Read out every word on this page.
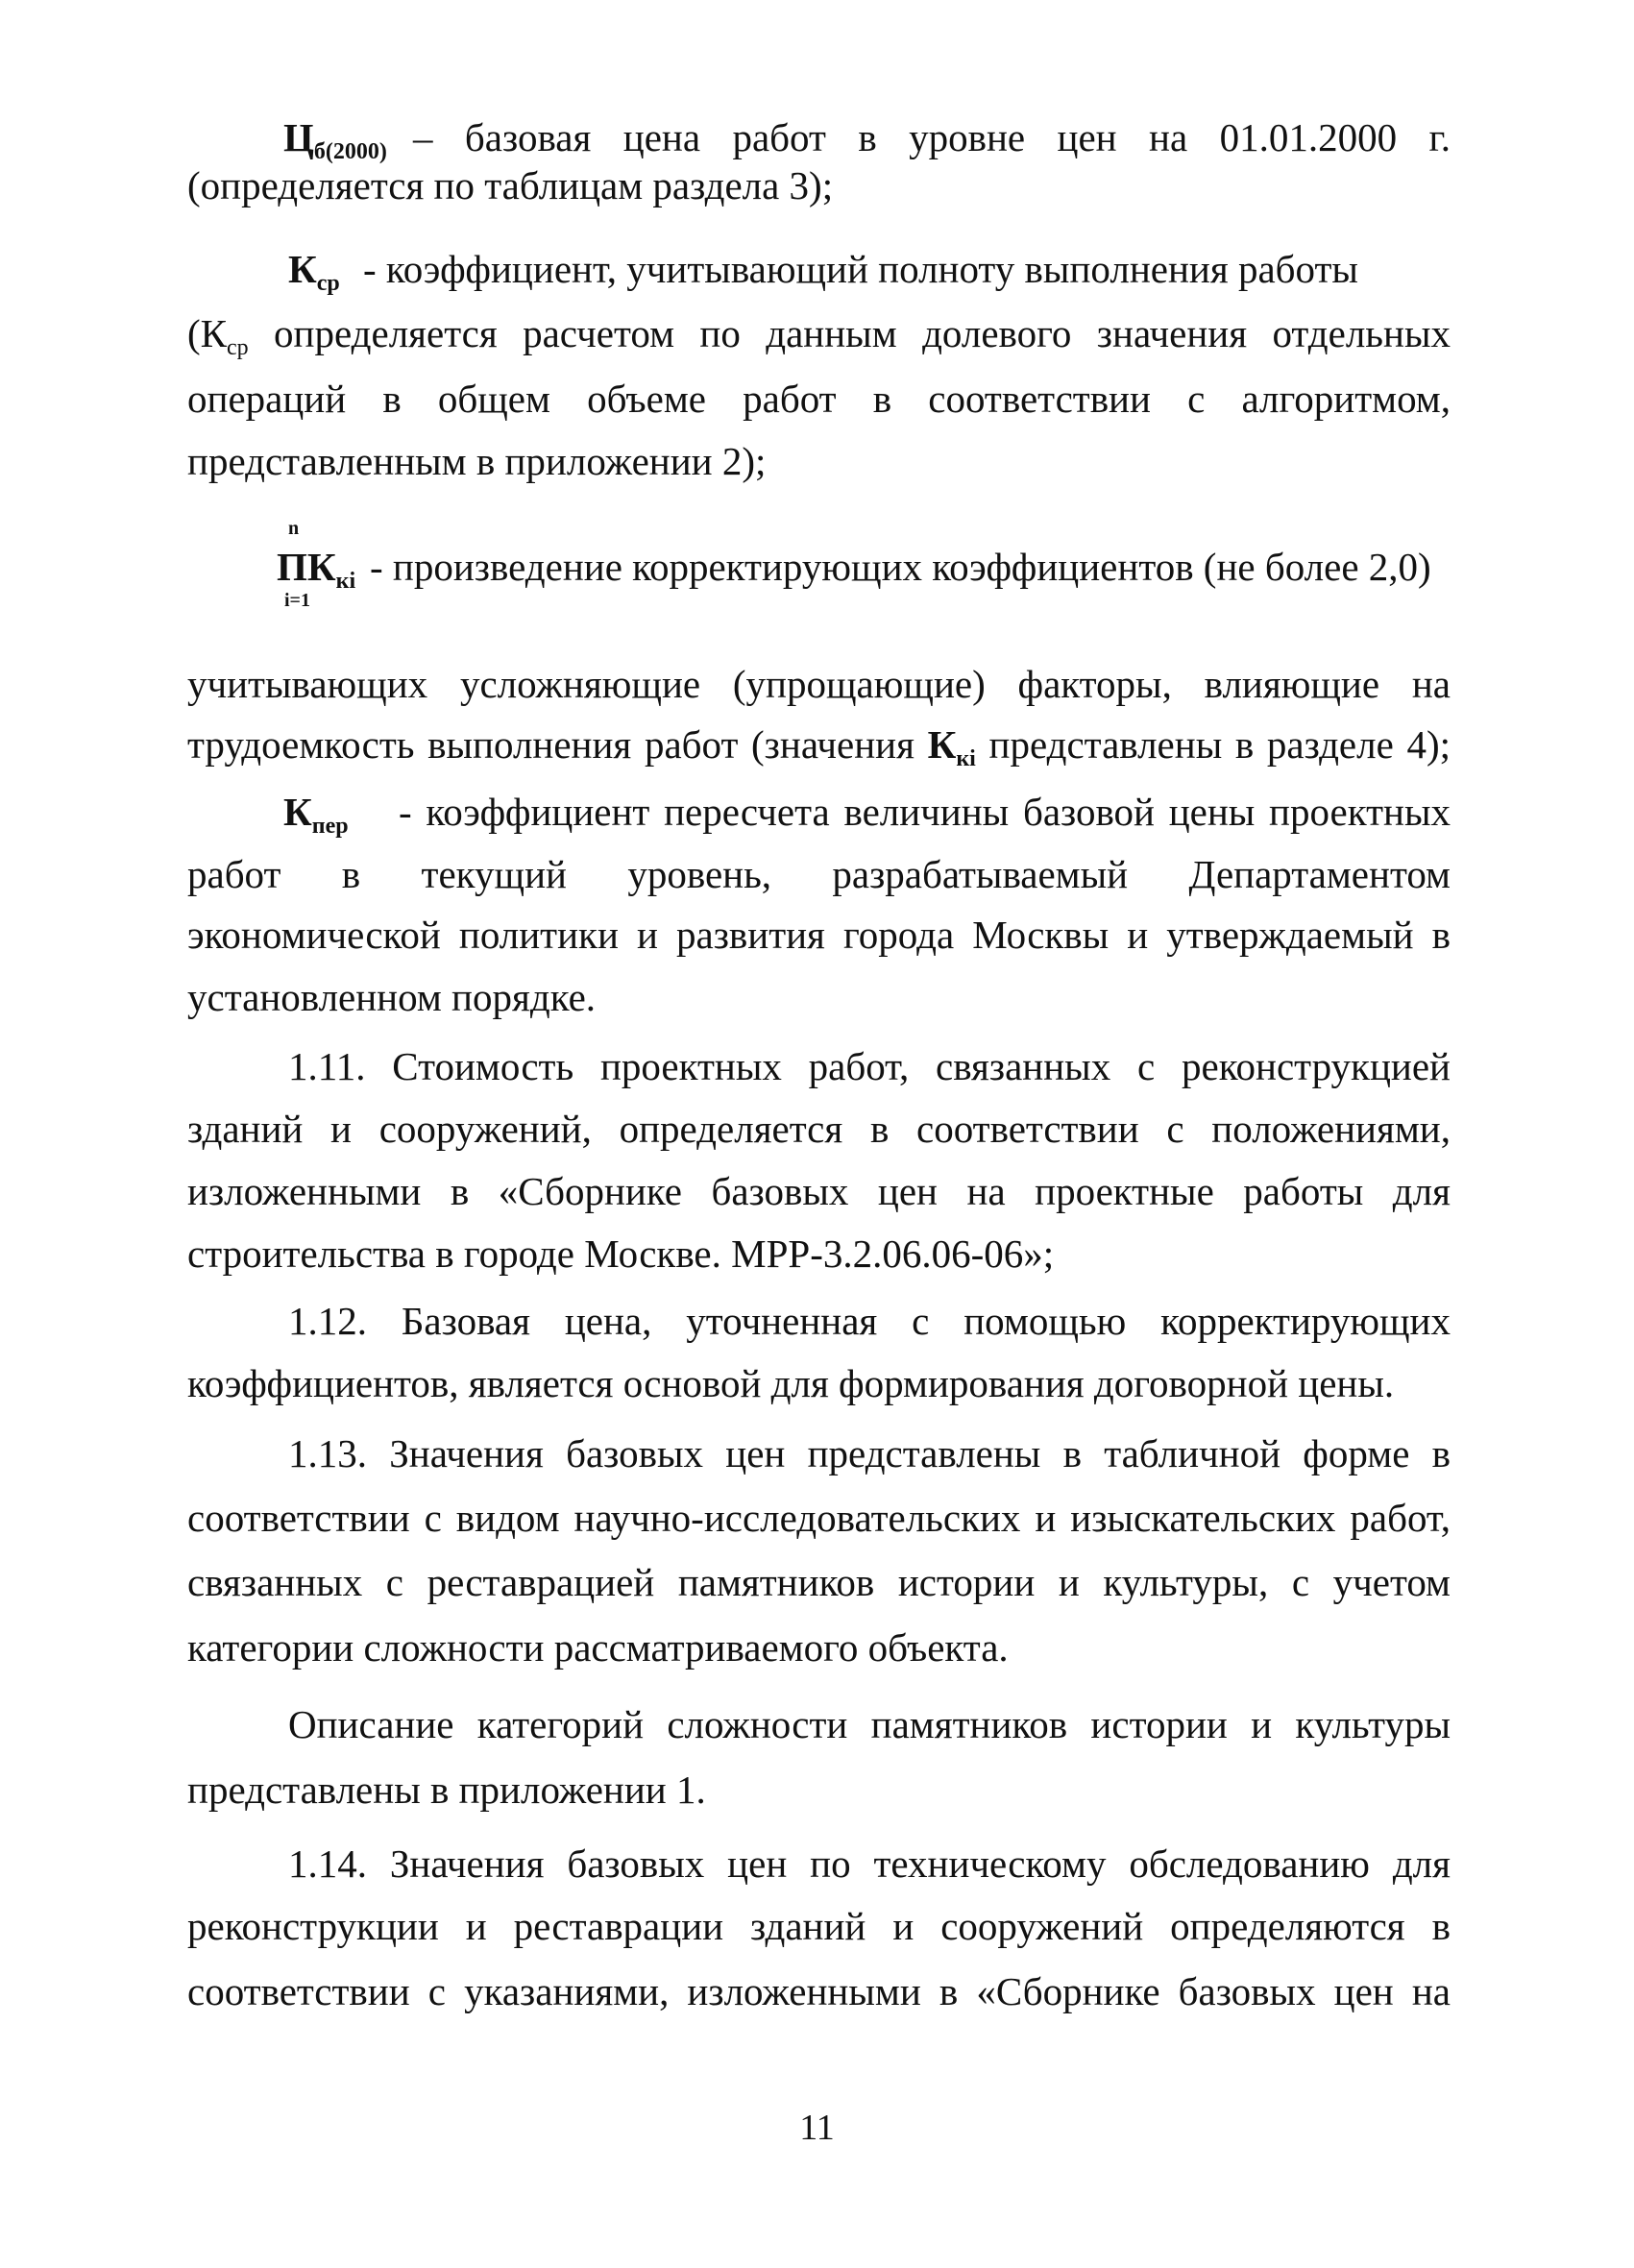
$Ц_{б(2000)}$ – базовая цена работ в уровне цен на 01.01.2000 г.
(определяется по таблицам раздела 3);
$К_{ср}$ - коэффициент, учитывающий полноту выполнения работы
(Кср определяется расчетом по данным долевого значения отдельных
операций в общем объеме работ в соответствии с алгоритмом,
представленным в приложении 2);
n
$ПК_{кi}$
i=1
- произведение корректирующих коэффициентов (не более 2,0)
учитывающих усложняющие (упрощающие) факторы, влияющие на
трудоемкость выполнения работ (значения $К_{кi}$ представлены в разделе 4);
$К_{пер}$ - коэффициент пересчета величины базовой цены проектных
работ в текущий уровень, разрабатываемый Департаментом
экономической политики и развития города Москвы и утверждаемый в
установленном порядке.
1.11. Стоимость проектных работ, связанных с реконструкцией
зданий и сооружений, определяется в соответствии с положениями,
изложенными в «Сборнике базовых цен на проектные работы для
строительства в городе Москве. МРР-3.2.06.06-06»;
1.12. Базовая цена, уточненная с помощью корректирующих
коэффициентов, является основой для формирования договорной цены.
1.13. Значения базовых цен представлены в табличной форме в
соответствии с видом научно-исследовательских и изыскательских работ,
связанных с реставрацией памятников истории и культуры, с учетом
категории сложности рассматриваемого объекта.
Описание категорий сложности памятников истории и культуры
представлены в приложении 1.
1.14. Значения базовых цен по техническому обследованию для
реконструкции и реставрации зданий и сооружений определяются в
соответствии с указаниями, изложенными в «Сборнике базовых цен на
11
